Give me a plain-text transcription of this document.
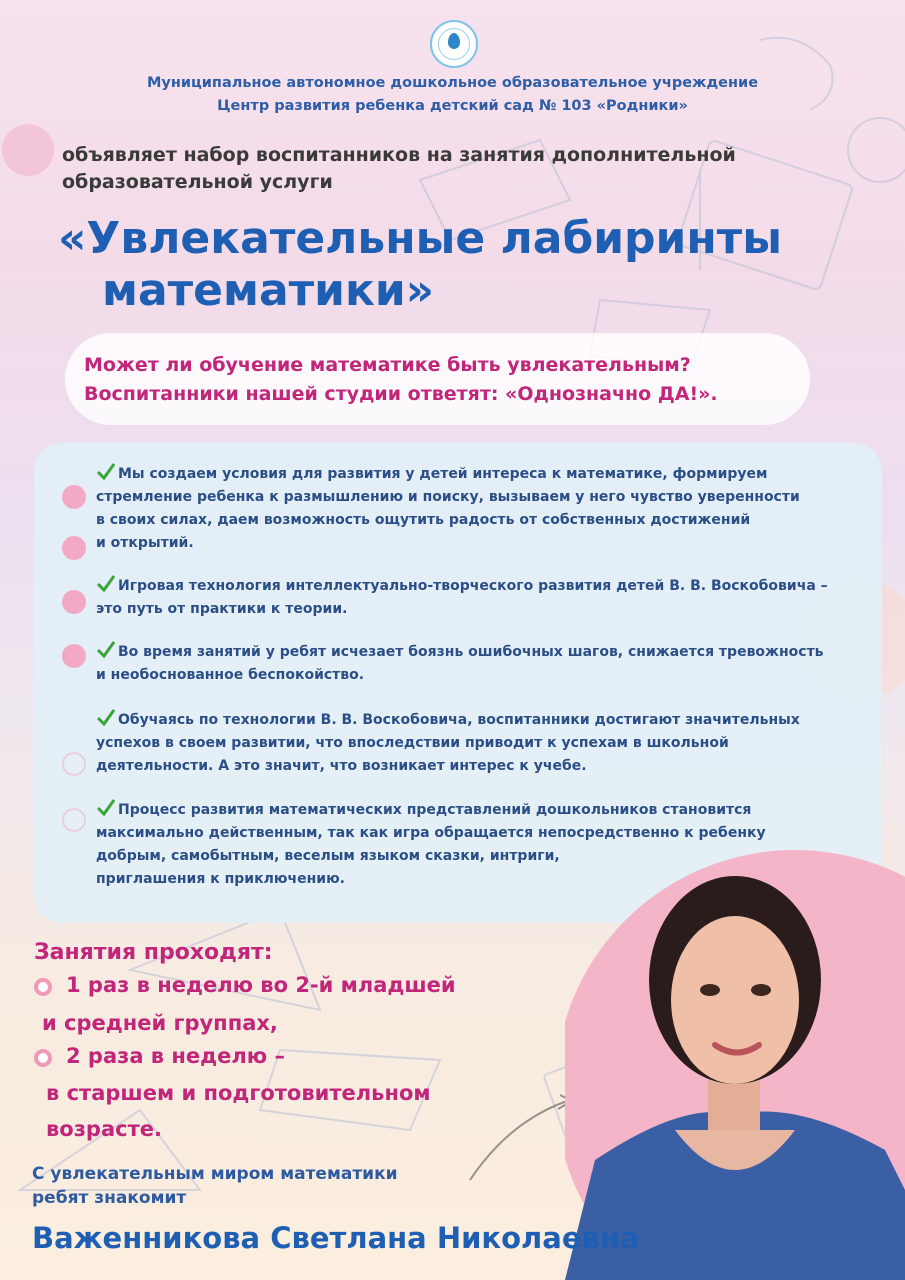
Муниципальное автономное дошкольное образовательное учреждение
Центр развития ребенка детский сад № 103 «Родники»
объявляет набор воспитанников на занятия дополнительной
образовательной услуги
«Увлекательные лабиринты
математики»
Может ли обучение математике быть увлекательным?
Воспитанники нашей студии ответят: «Однозначно ДА!».
Мы создаем условия для развития у детей интереса к математике, формируем
стремление ребенка к размышлению и поиску, вызываем у него чувство уверенности
в своих силах, даем возможность ощутить радость от собственных достижений
и открытий.
Игровая технология интеллектуально-творческого развития детей В. В. Воскобовича –
это путь от практики к теории.
Во время занятий у ребят исчезает боязнь ошибочных шагов, снижается тревожность
и необоснованное беспокойство.
Обучаясь по технологии В. В. Воскобовича, воспитанники достигают значительных
успехов в своем развитии, что впоследствии приводит к успехам в школьной
деятельности. А это значит, что возникает интерес к учебе.
Процесс развития математических представлений дошкольников становится
максимально действенным, так как игра обращается непосредственно к ребенку
добрым, самобытным, веселым языком сказки, интриги,
приглашения к приключению.
Занятия проходят:
1 раз в неделю во 2-й младшей
и средней группах,
2 раза в неделю –
в старшем и подготовительном
возрасте.
С увлекательным миром математики
ребят знакомит
Важенникова Светлана Николаевна
